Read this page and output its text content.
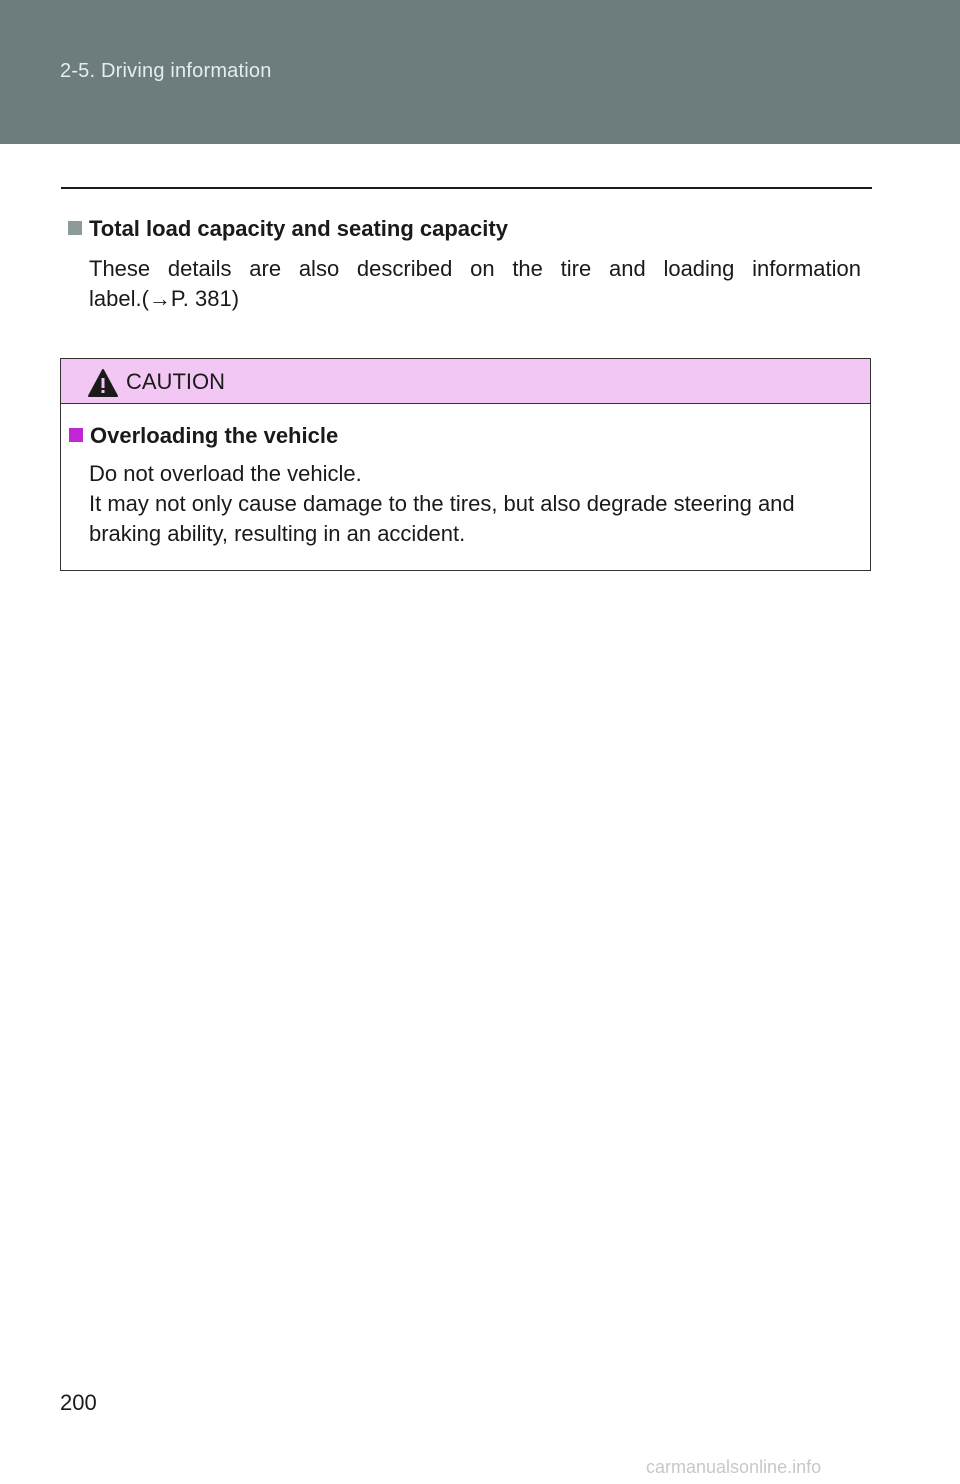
2-5. Driving information
Total load capacity and seating capacity
These details are also described on the tire and loading information
label.(→P. 381)
CAUTION
Overloading the vehicle
Do not overload the vehicle.
It may not only cause damage to the tires, but also degrade steering and
braking ability, resulting in an accident.
200
carmanualsonline.info
